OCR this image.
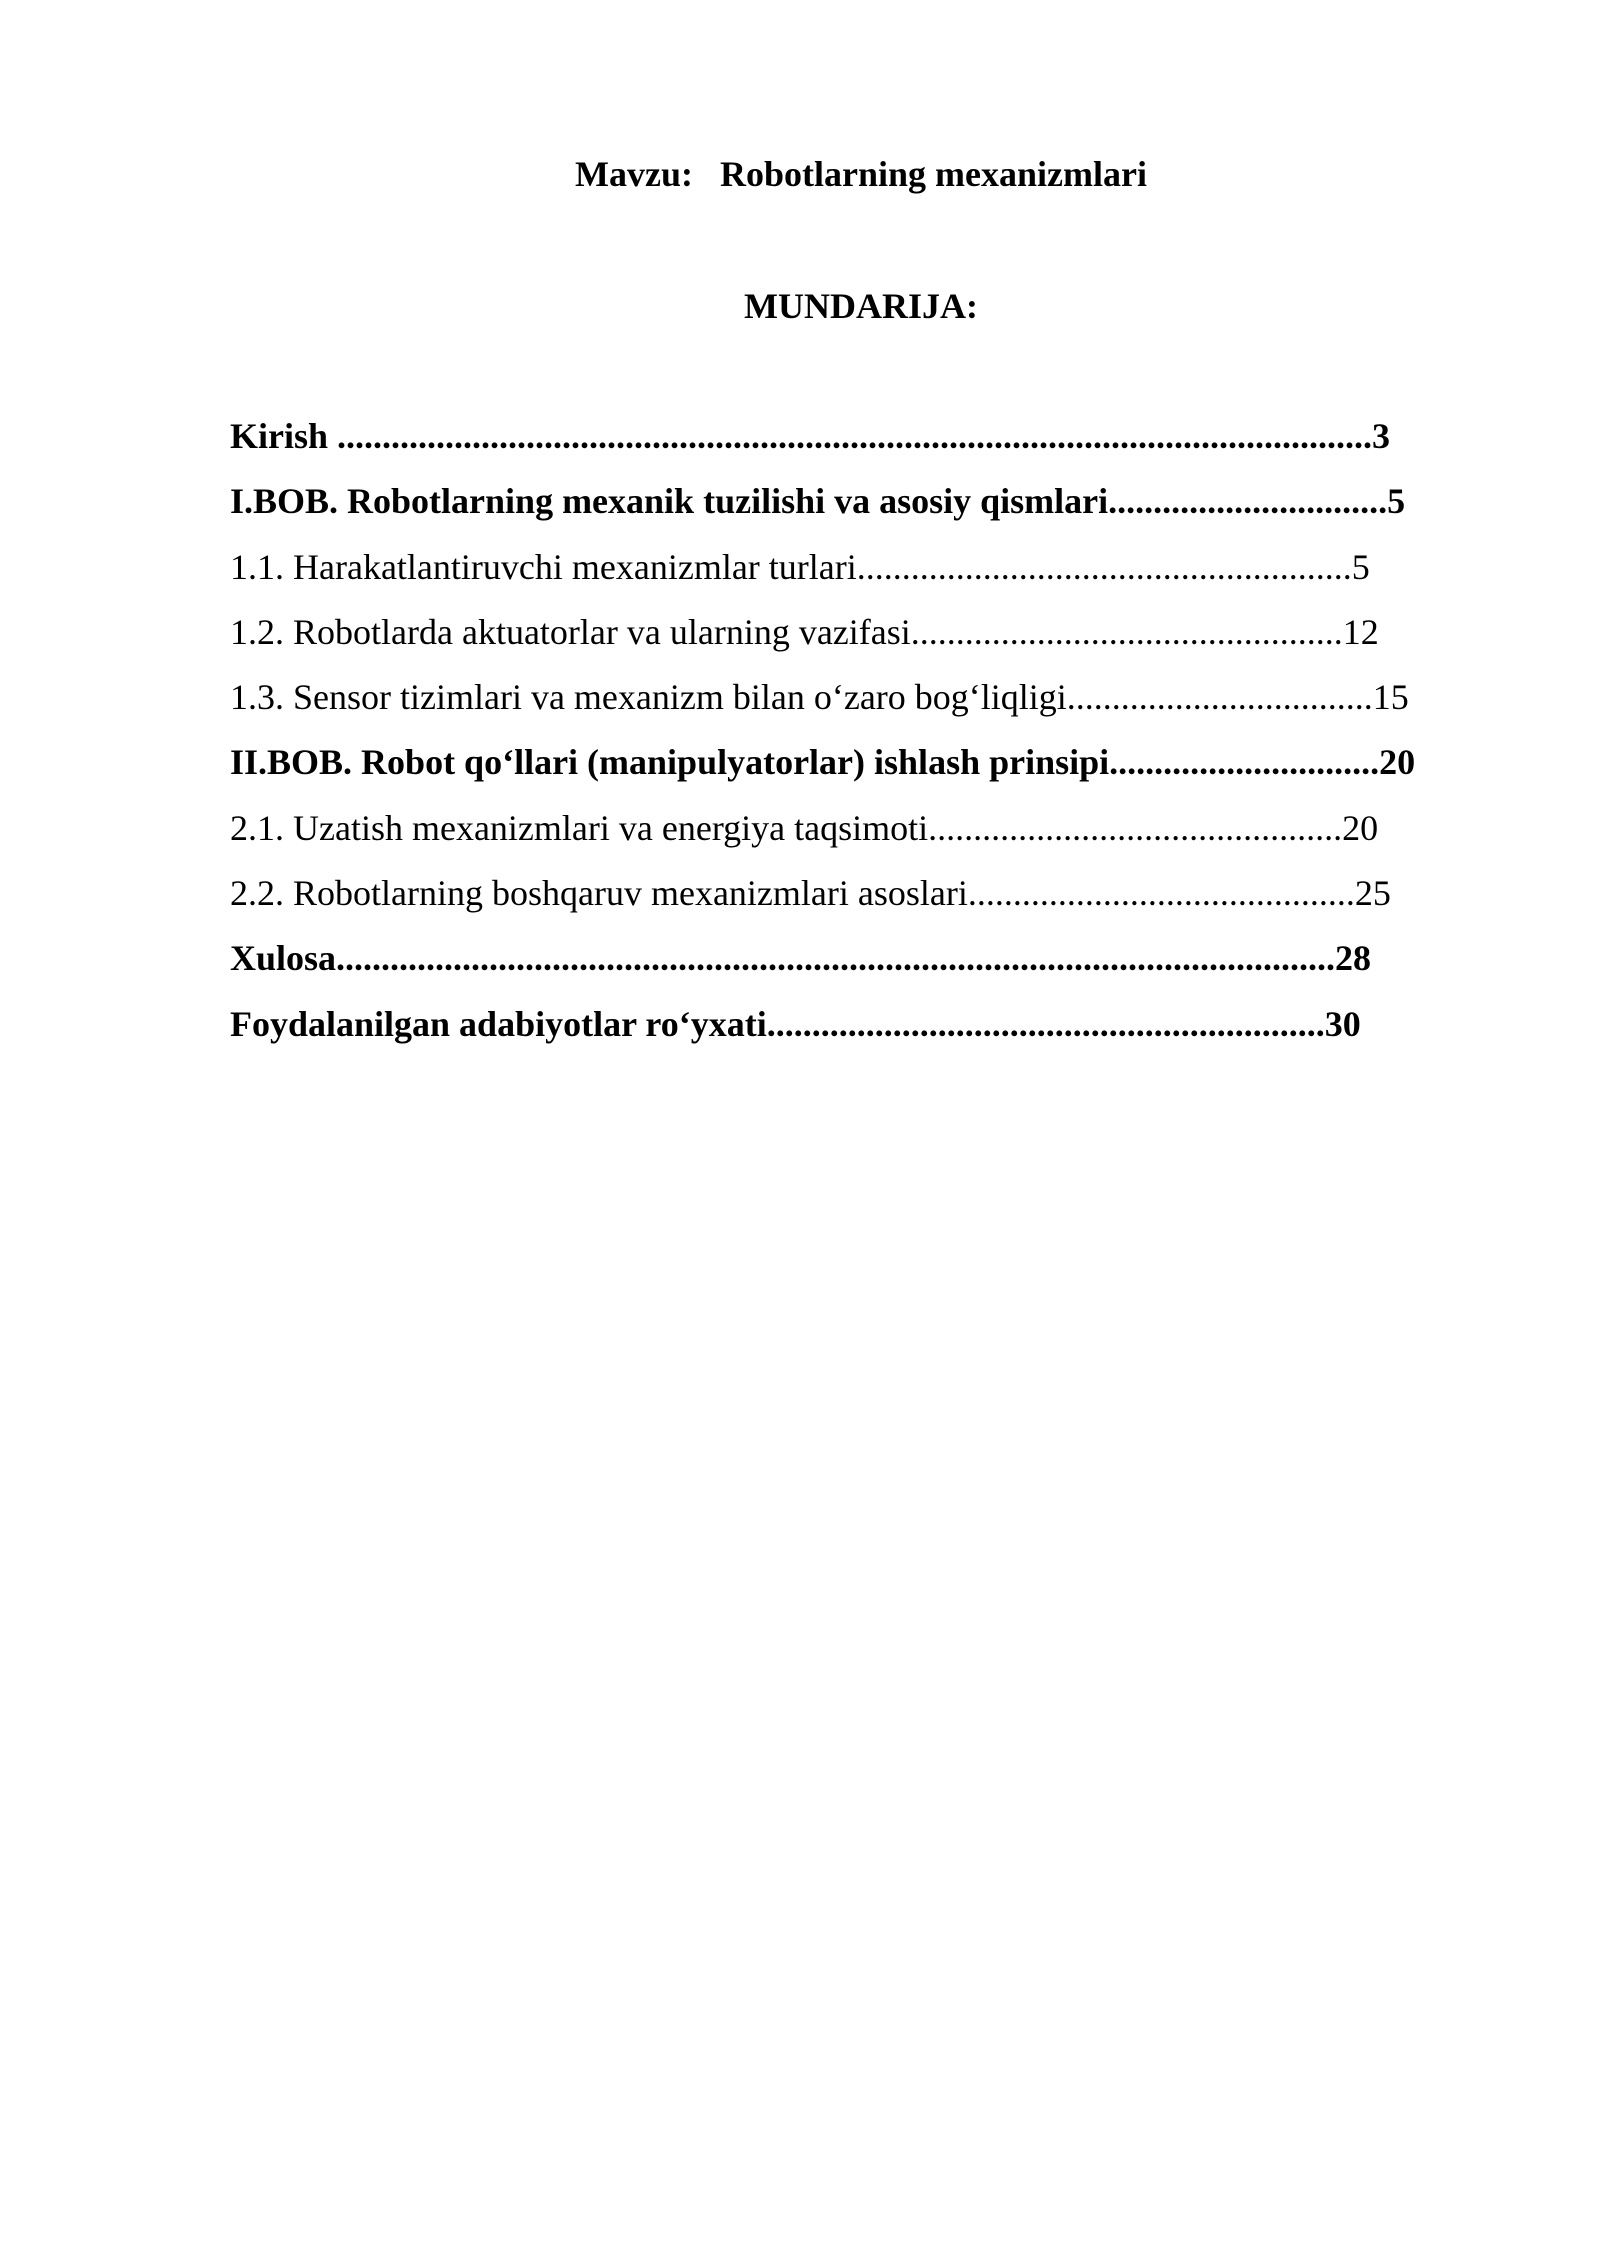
Mavzu:   Robotlarning mexanizmlari
MUNDARIJA:
Kirish ...................................................................................................................3
I.BOB. Robotlarning mexanik tuzilishi va asosiy qismlari...............................5
1.1. Harakatlantiruvchi mexanizmlar turlari.......................................................5
1.2. Robotlarda aktuatorlar va ularning vazifasi................................................12
1.3. Sensor tizimlari va mexanizm bilan o‘zaro bog‘liqligi..................................15
II.BOB. Robot qo‘llari (manipulyatorlar) ishlash prinsipi..............................20
2.1. Uzatish mexanizmlari va energiya taqsimoti..............................................20
2.2. Robotlarning boshqaruv mexanizmlari asoslari...........................................25
Xulosa...............................................................................................................28
Foydalanilgan adabiyotlar ro‘yxati..............................................................30
